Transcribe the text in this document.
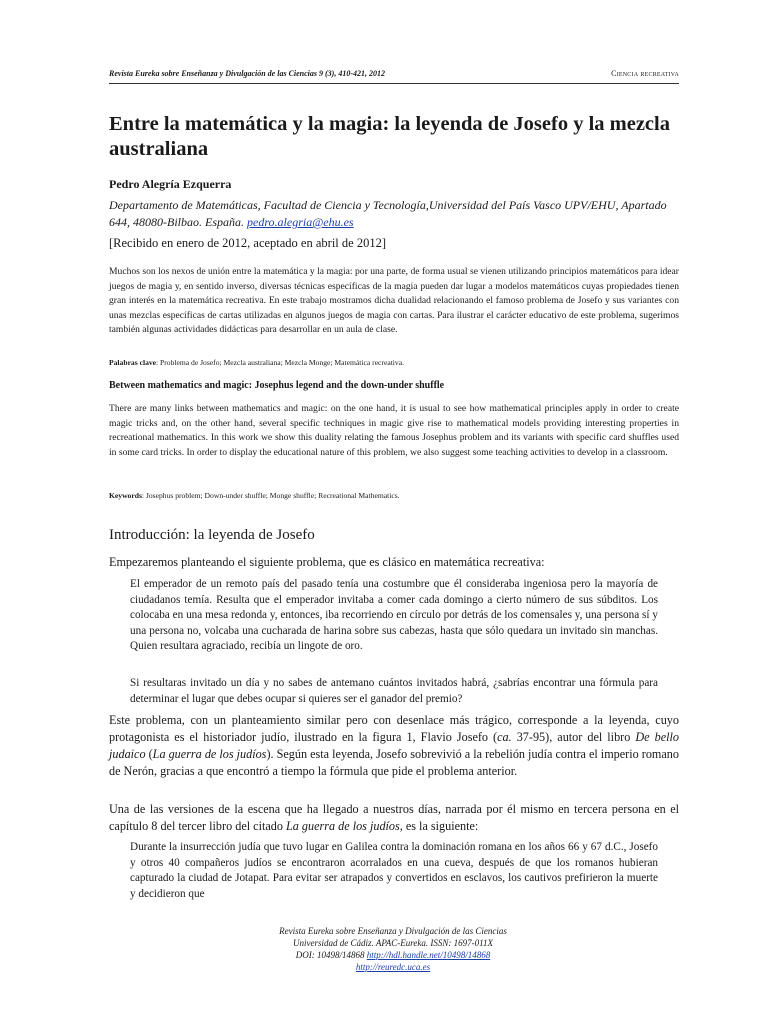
Revista Eureka sobre Enseñanza y Divulgación de las Ciencias 9 (3), 410-421, 2012	Ciencia recreativa
Entre la matemática y la magia: la leyenda de Josefo y la mezcla australiana
Pedro Alegría Ezquerra
Departamento de Matemáticas, Facultad de Ciencia y Tecnología,Universidad del País Vasco UPV/EHU, Apartado 644, 48080-Bilbao. España. pedro.alegria@ehu.es
[Recibido en enero de 2012, aceptado en abril de 2012]

Muchos son los nexos de unión entre la matemática y la magia: por una parte, de forma usual se vienen utilizando principios matemáticos para idear juegos de magia y, en sentido inverso, diversas técnicas específicas de la magia pueden dar lugar a modelos matemáticos cuyas propiedades tienen gran interés en la matemática recreativa. En este trabajo mostramos dicha dualidad relacionando el famoso problema de Josefo y sus variantes con unas mezclas específicas de cartas utilizadas en algunos juegos de magia con cartas. Para ilustrar el carácter educativo de este problema, sugerimos también algunas actividades didácticas para desarrollar en un aula de clase.

Palabras clave: Problema de Josefo; Mezcla australiana; Mezcla Monge; Matemática recreativa.

Between mathematics and magic: Josephus legend and the down-under shuffle

There are many links between mathematics and magic: on the one hand, it is usual to see how mathematical principles apply in order to create magic tricks and, on the other hand, several specific techniques in magic give rise to mathematical models providing interesting properties in recreational mathematics. In this work we show this duality relating the famous Josephus problem and its variants with specific card shuffles used in some card tricks. In order to display the educational nature of this problem, we also suggest some teaching activities to develop in a classroom.

Keywords: Josephus problem; Down-under shuffle; Monge shuffle; Recreational Mathematics.

Introducción: la leyenda de Josefo

Empezaremos planteando el siguiente problema, que es clásico en matemática recreativa:

El emperador de un remoto país del pasado tenía una costumbre que él consideraba ingeniosa pero la mayoría de ciudadanos temía. Resulta que el emperador invitaba a comer cada domingo a cierto número de sus súbditos. Los colocaba en una mesa redonda y, entonces, iba recorriendo en círculo por detrás de los comensales y, una persona sí y una persona no, volcaba una cucharada de harina sobre sus cabezas, hasta que sólo quedara un invitado sin manchas. Quien resultara agraciado, recibía un lingote de oro.

Si resultaras invitado un día y no sabes de antemano cuántos invitados habrá, ¿sabrías encontrar una fórmula para determinar el lugar que debes ocupar si quieres ser el ganador del premio?

Este problema, con un planteamiento similar pero con desenlace más trágico, corresponde a la leyenda, cuyo protagonista es el historiador judío, ilustrado en la figura 1, Flavio Josefo (ca. 37-95), autor del libro De bello judaico (La guerra de los judíos). Según esta leyenda, Josefo sobrevivió a la rebelión judía contra el imperio romano de Nerón, gracias a que encontró a tiempo la fórmula que pide el problema anterior.

Una de las versiones de la escena que ha llegado a nuestros días, narrada por él mismo en tercera persona en el capítulo 8 del tercer libro del citado La guerra de los judíos, es la siguiente:

Durante la insurrección judía que tuvo lugar en Galilea contra la dominación romana en los años 66 y 67 d.C., Josefo y otros 40 compañeros judíos se encontraron acorralados en una cueva, después de que los romanos hubieran capturado la ciudad de Jotapat. Para evitar ser atrapados y convertidos en esclavos, los cautivos prefirieron la muerte y decidieron que

Revista Eureka sobre Enseñanza y Divulgación de las Ciencias
Universidad de Cádiz. APAC-Eureka. ISSN: 1697-011X
DOI: 10498/14868 http://hdl.handle.net/10498/14868
http://reuredc.uca.es
